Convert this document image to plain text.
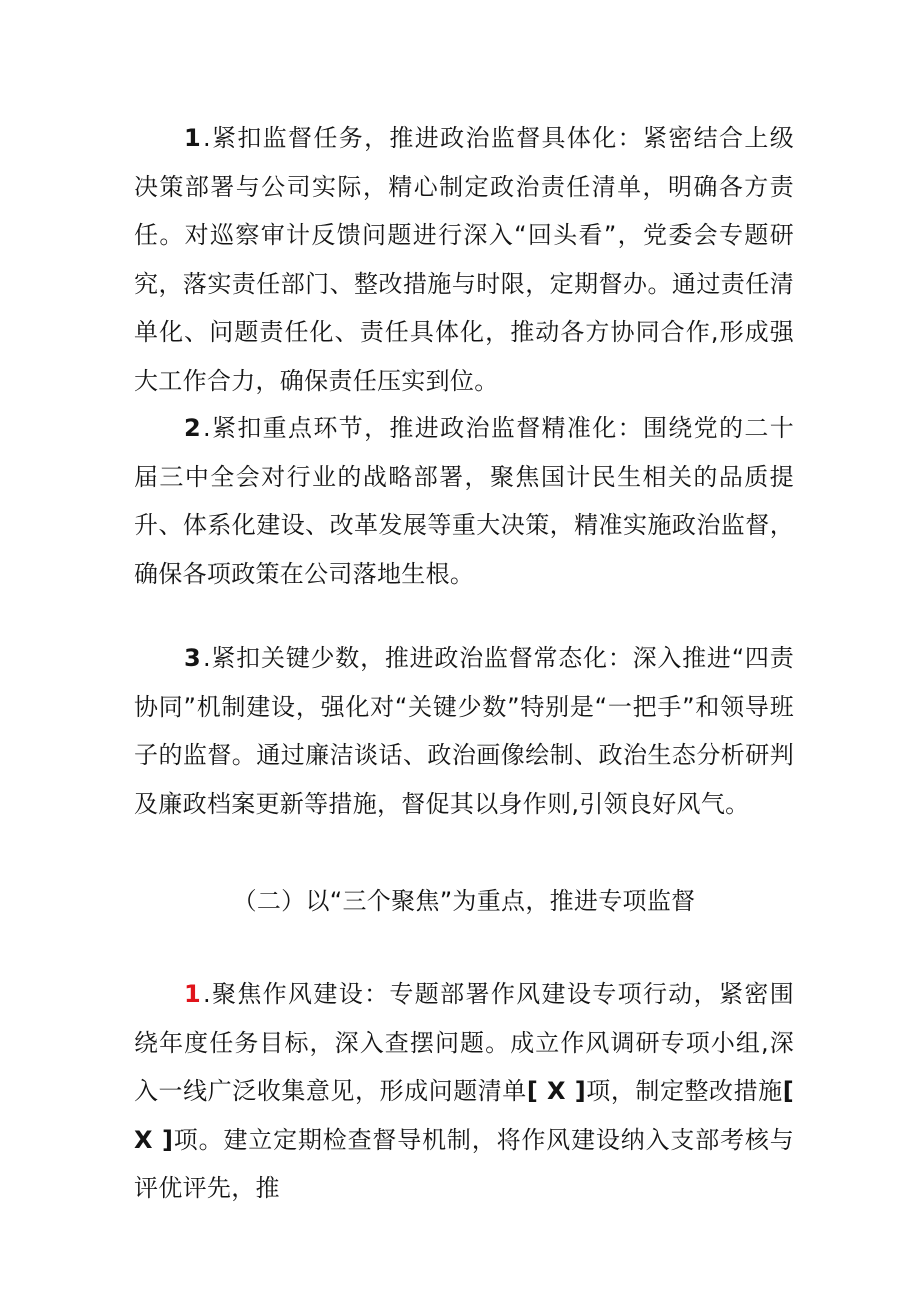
1.紧扣监督任务，推进政治监督具体化：紧密结合上级决策部署与公司实际，精心制定政治责任清单，明确各方责任。对巡察审计反馈问题进行深入“回头看”，党委会专题研究，落实责任部门、整改措施与时限，定期督办。通过责任清单化、问题责任化、责任具体化，推动各方协同合作,形成强大工作合力，确保责任压实到位。

2.紧扣重点环节，推进政治监督精准化：围绕党的二十届三中全会对行业的战略部署，聚焦国计民生相关的品质提升、体系化建设、改革发展等重大决策，精准实施政治监督，确保各项政策在公司落地生根。

3.紧扣关键少数，推进政治监督常态化：深入推进“四责协同”机制建设，强化对“关键少数”特别是“一把手”和领导班子的监督。通过廉洁谈话、政治画像绘制、政治生态分析研判及廉政档案更新等措施，督促其以身作则,引领良好风气。

（二）以“三个聚焦”为重点，推进专项监督

1.聚焦作风建设：专题部署作风建设专项行动，紧密围绕年度任务目标，深入查摆问题。成立作风调研专项小组,深入一线广泛收集意见，形成问题清单[ X ]项，制定整改措施[ X ]项。建立定期检查督导机制，将作风建设纳入支部考核与评优评先，推
